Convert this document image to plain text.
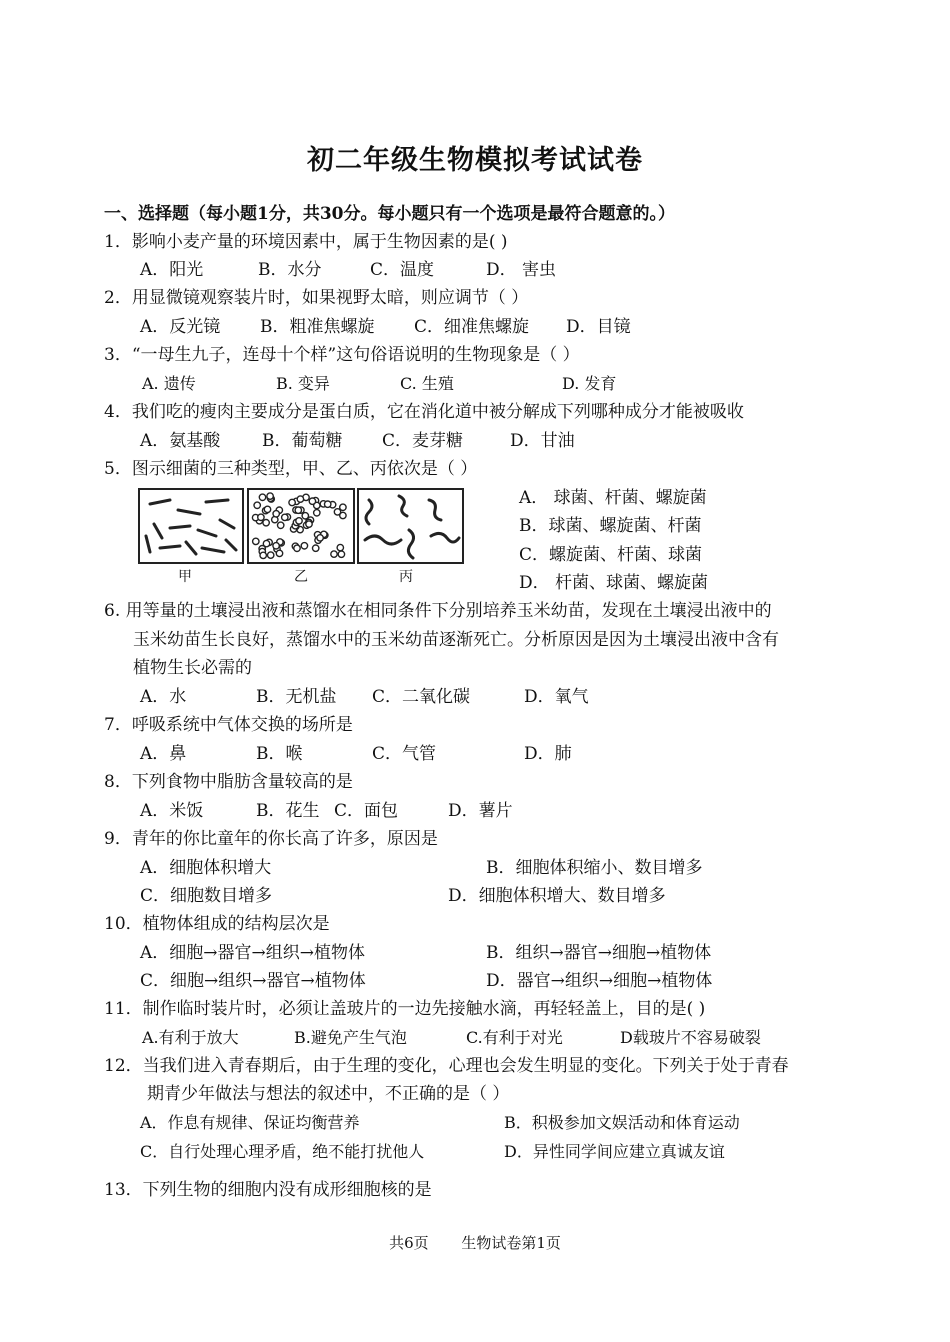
初二年级生物模拟考试试卷
一、选择题（每小题1分，共30分。每小题只有一个选项是最符合题意的。）
1．影响小麦产量的环境因素中，属于生物因素的是( )
A．阳光	B．水分	C．温度	D． 害虫
2．用显微镜观察装片时，如果视野太暗，则应调节（ ）
A．反光镜 B．粗准焦螺旋 C．细准焦螺旋 D．目镜
3．“一母生九子，连母十个样”这句俗语说明的生物现象是（ ）
A. 遗传	B. 变异	C. 生殖	D. 发育
4．我们吃的瘦肉主要成分是蛋白质，它在消化道中被分解成下列哪种成分才能被吸收
A．氨基酸 B．葡萄糖 C．麦芽糖	D．甘油
5．图示细菌的三种类型，甲、乙、丙依次是（ ）
甲	乙	丙
A． 球菌、杆菌、螺旋菌
B．球菌、螺旋菌、杆菌
C．螺旋菌、杆菌、球菌
D． 杆菌、球菌、螺旋菌
6. 用等量的土壤浸出液和蒸馏水在相同条件下分别培养玉米幼苗，发现在土壤浸出液中的
玉米幼苗生长良好，蒸馏水中的玉米幼苗逐渐死亡。分析原因是因为土壤浸出液中含有
植物生长必需的
A．水	B．无机盐 C．二氧化碳	D．氧气
7．呼吸系统中气体交换的场所是
A．鼻	B．喉	C．气管	D．肺
8．下列食物中脂肪含量较高的是
A．米饭	B．花生 C．面包	D．薯片
9．青年的你比童年的你长高了许多，原因是
A．细胞体积增大	B．细胞体积缩小、数目增多
C．细胞数目增多	D．细胞体积增大、数目增多
10．植物体组成的结构层次是
A．细胞→器官→组织→植物体	B．组织→器官→细胞→植物体
C．细胞→组织→器官→植物体	D．器官→组织→细胞→植物体
11．制作临时装片时，必须让盖玻片的一边先接触水滴，再轻轻盖上，目的是( )
A.有利于放大	B.避免产生气泡	C.有利于对光	D载玻片不容易破裂
12．当我们进入青春期后，由于生理的变化，心理也会发生明显的变化。下列关于处于青春
期青少年做法与想法的叙述中，不正确的是（ ）
A．作息有规律、保证均衡营养	B．积极参加文娱活动和体育运动
C．自行处理心理矛盾，绝不能打扰他人	D．异性同学间应建立真诚友谊
13．下列生物的细胞内没有成形细胞核的是
共6页 生物试卷第1页
